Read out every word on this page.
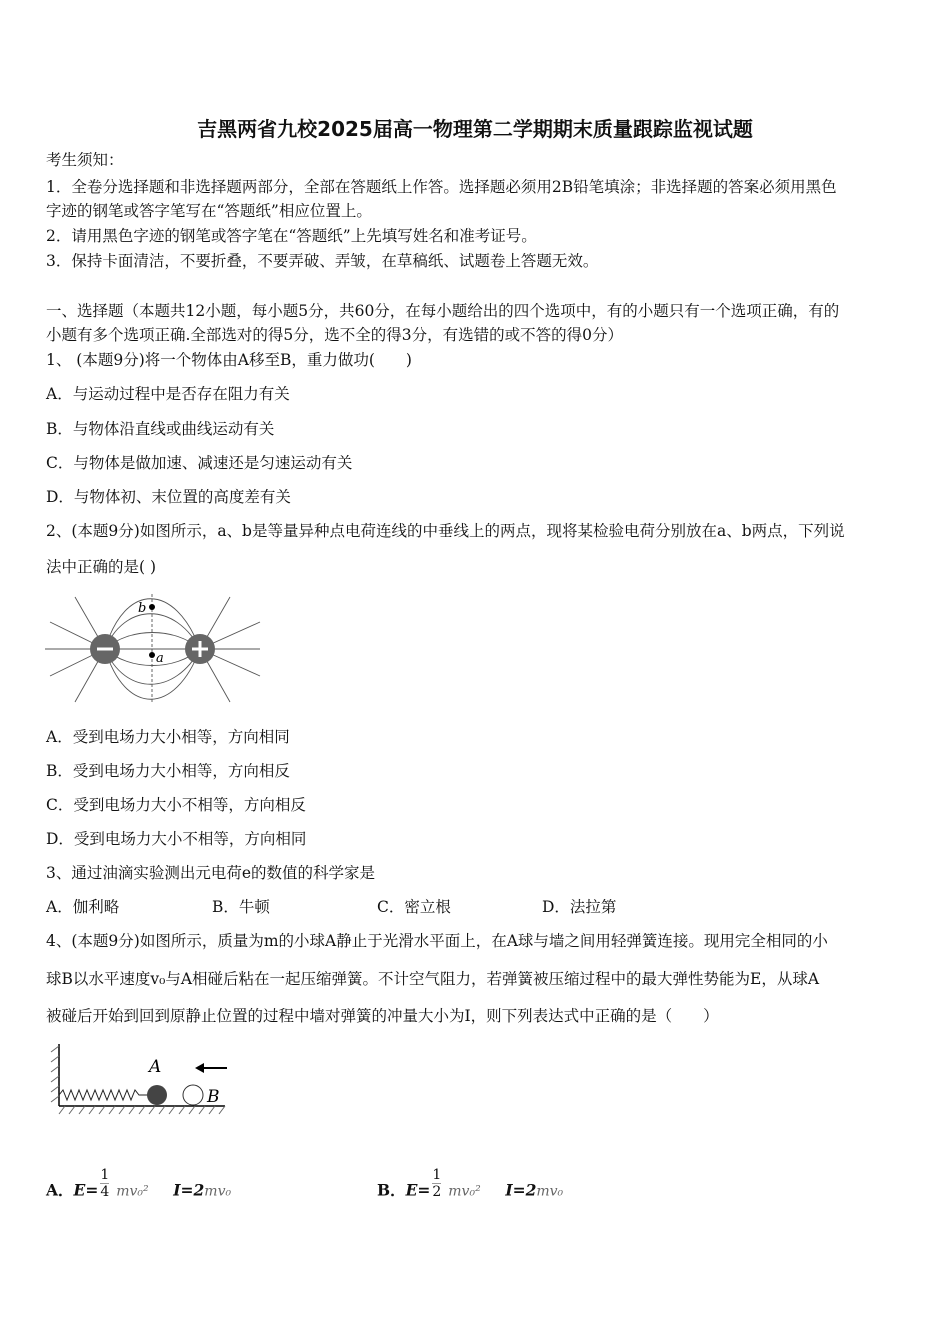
吉黑两省九校2025届高一物理第二学期期末质量跟踪监视试题
考生须知：
1．全卷分选择题和非选择题两部分，全部在答题纸上作答。选择题必须用2B铅笔填涂；非选择题的答案必须用黑色
字迹的钢笔或答字笔写在“答题纸”相应位置上。
2．请用黑色字迹的钢笔或答字笔在“答题纸”上先填写姓名和准考证号。
3．保持卡面清洁，不要折叠，不要弄破、弄皱，在草稿纸、试题卷上答题无效。
一、选择题（本题共12小题，每小题5分，共60分，在每小题给出的四个选项中，有的小题只有一个选项正确，有的
小题有多个选项正确.全部选对的得5分，选不全的得3分，有选错的或不答的得0分）
1、 (本题9分)将一个物体由A移至B，重力做功(　　)
A．与运动过程中是否存在阻力有关
B．与物体沿直线或曲线运动有关
C．与物体是做加速、减速还是匀速运动有关
D．与物体初、末位置的高度差有关
2、(本题9分)如图所示，a、b是等量异种点电荷连线的中垂线上的两点，现将某检验电荷分别放在a、b两点，下列说
法中正确的是( )
b
a
A．受到电场力大小相等，方向相同
B．受到电场力大小相等，方向相反
C．受到电场力大小不相等，方向相反
D．受到电场力大小不相等，方向相同
3、通过油滴实验测出元电荷e的数值的科学家是
A．伽利略	B．牛顿	C．密立根	D．法拉第
4、(本题9分)如图所示，质量为m的小球A静止于光滑水平面上，在A球与墙之间用轻弹簧连接。现用完全相同的小
球B以水平速度v₀与A相碰后粘在一起压缩弹簧。不计空气阻力，若弹簧被压缩过程中的最大弹性势能为E，从球A
被碰后开始到回到原静止位置的过程中墙对弹簧的冲量大小为I，则下列表达式中正确的是（　　）
A
B
A．$E= \frac{1}{4} mv_0^2$ I=2mv₀	B．$E= \frac{1}{2} mv_0^2$ I=2mv₀
